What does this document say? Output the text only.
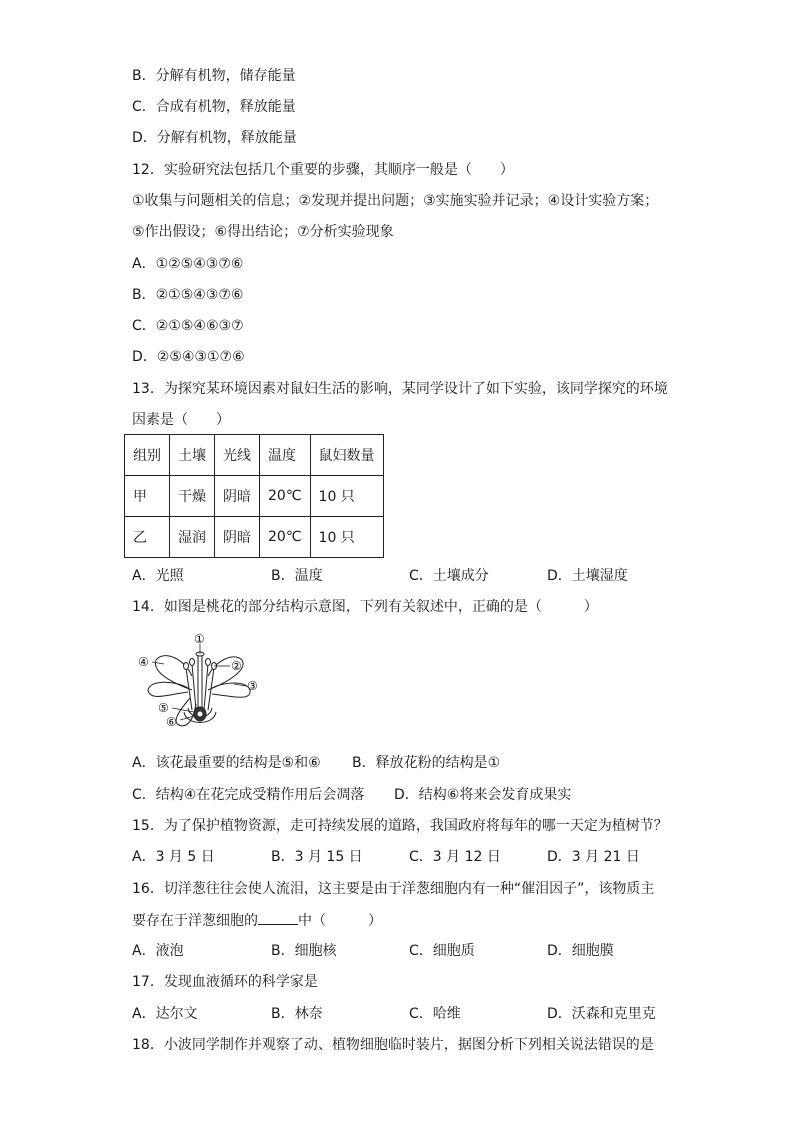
B．分解有机物，储存能量
C．合成有机物，释放能量
D．分解有机物，释放能量
12．实验研究法包括几个重要的步骤，其顺序一般是（　　）
①收集与问题相关的信息；②发现并提出问题；③实施实验并记录；④设计实验方案；
⑤作出假设；⑥得出结论；⑦分析实验现象
A．①②⑤④③⑦⑥
B．②①⑤④③⑦⑥
C．②①⑤④⑥③⑦
D．②⑤④③①⑦⑥
13．为探究某环境因素对鼠妇生活的影响，某同学设计了如下实验，该同学探究的环境
因素是（　　）
组别	土壤	光线	温度	鼠妇数量
甲	干燥	阴暗	20℃	10 只
乙	湿润	阴暗	20℃	10 只
A．光照	B．温度	C．土壤成分	D．土壤湿度
14．如图是桃花的部分结构示意图，下列有关叙述中，正确的是（　　　）
①
②
③
④
⑤
⑥
A．该花最重要的结构是⑤和⑥ B．释放花粉的结构是①
C．结构④在花完成受精作用后会凋落 D．结构⑥将来会发育成果实
15．为了保护植物资源，走可持续发展的道路，我国政府将每年的哪一天定为植树节？
A．3 月 5 日	B．3 月 15 日	C．3 月 12 日	D．3 月 21 日
16．切洋葱往往会使人流泪，这主要是由于洋葱细胞内有一种“催泪因子”，该物质主
要存在于洋葱细胞的	中（　　　）
A．液泡	B．细胞核	C．细胞质	D．细胞膜
17．发现血液循环的科学家是
A．达尔文	B．林奈	C．哈维	D．沃森和克里克
18．小波同学制作并观察了动、植物细胞临时装片，据图分析下列相关说法错误的是
